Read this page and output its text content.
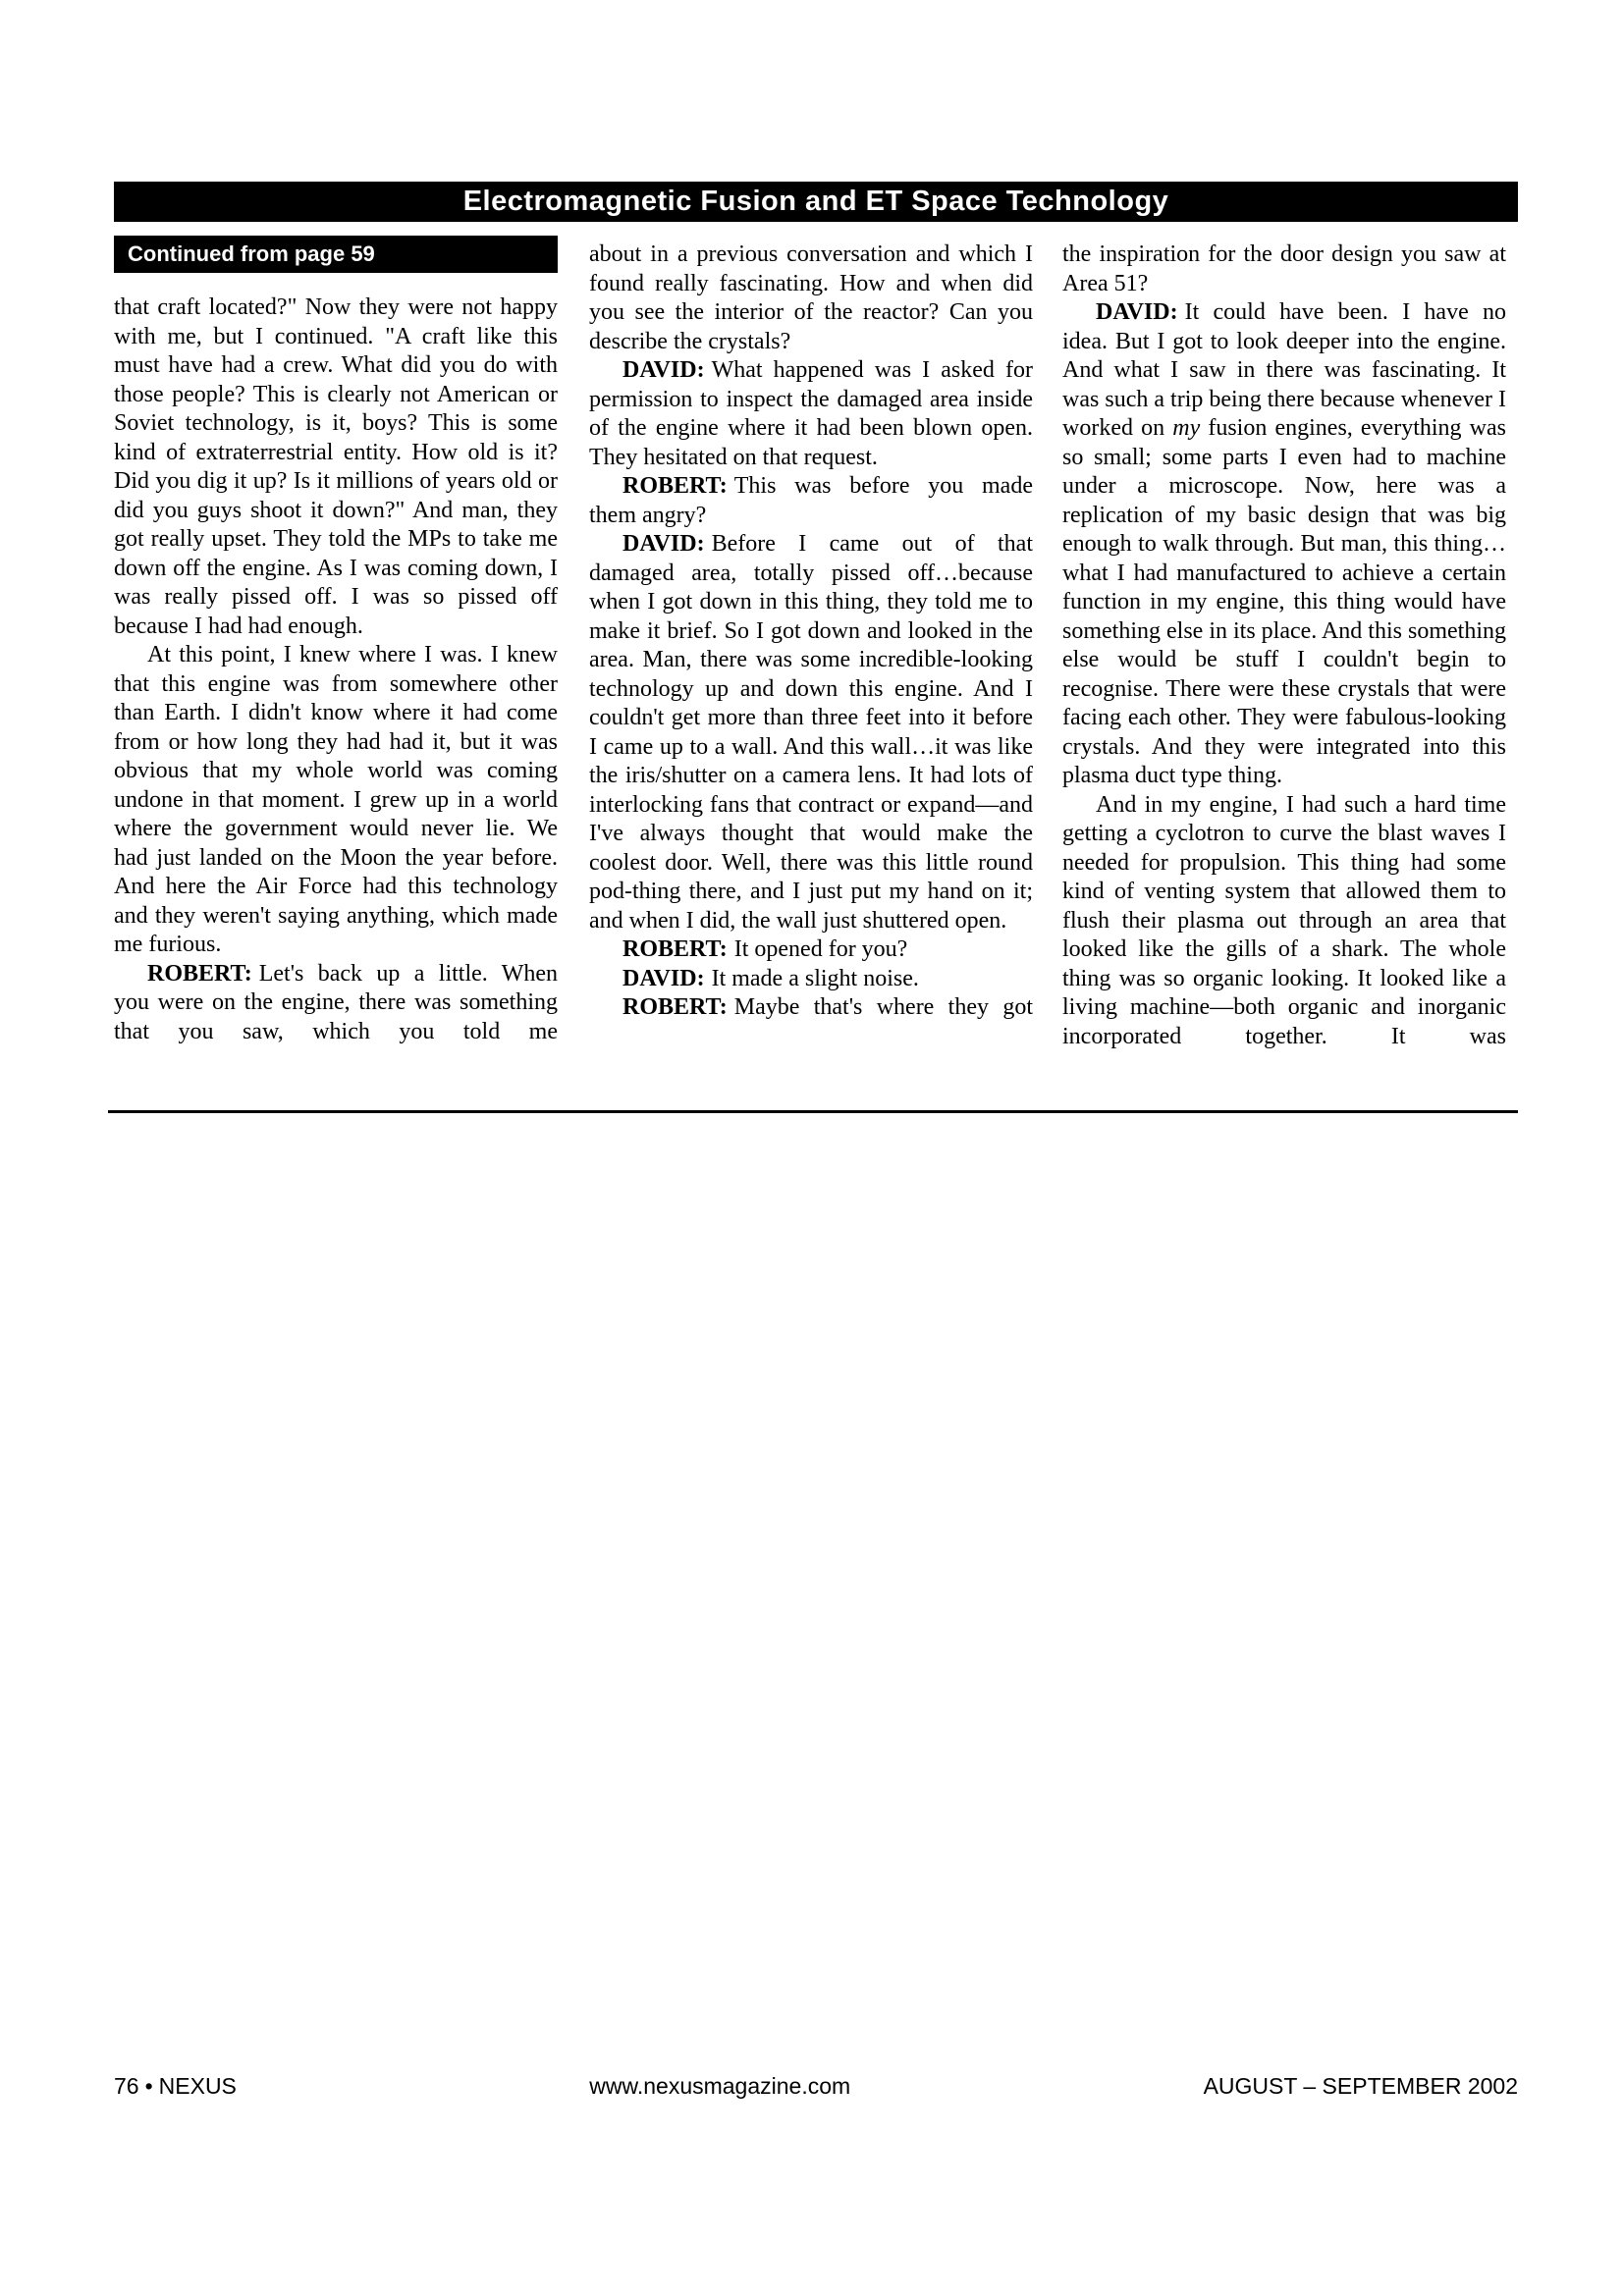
Electromagnetic Fusion and ET Space Technology
Continued from page 59

that craft located?" Now they were not happy with me, but I continued. "A craft like this must have had a crew. What did you do with those people? This is clearly not American or Soviet technology, is it, boys? This is some kind of extraterrestrial entity. How old is it? Did you dig it up? Is it millions of years old or did you guys shoot it down?" And man, they got really upset. They told the MPs to take me down off the engine. As I was coming down, I was really pissed off. I was so pissed off because I had had enough.

At this point, I knew where I was. I knew that this engine was from somewhere other than Earth. I didn't know where it had come from or how long they had had it, but it was obvious that my whole world was coming undone in that moment. I grew up in a world where the government would never lie. We had just landed on the Moon the year before. And here the Air Force had this technology and they weren't saying anything, which made me furious.

ROBERT: Let's back up a little. When you were on the engine, there was something that you saw, which you told me

about in a previous conversation and which I found really fascinating. How and when did you see the interior of the reactor? Can you describe the crystals?

DAVID: What happened was I asked for permission to inspect the damaged area inside of the engine where it had been blown open. They hesitated on that request.

ROBERT: This was before you made them angry?

DAVID: Before I came out of that damaged area, totally pissed off…because when I got down in this thing, they told me to make it brief. So I got down and looked in the area. Man, there was some incredible-looking technology up and down this engine. And I couldn't get more than three feet into it before I came up to a wall. And this wall…it was like the iris/shutter on a camera lens. It had lots of interlocking fans that contract or expand—and I've always thought that would make the coolest door. Well, there was this little round pod-thing there, and I just put my hand on it; and when I did, the wall just shuttered open.

ROBERT: It opened for you?

DAVID: It made a slight noise.

ROBERT: Maybe that's where they got

the inspiration for the door design you saw at Area 51?

DAVID: It could have been. I have no idea. But I got to look deeper into the engine. And what I saw in there was fascinating. It was such a trip being there because whenever I worked on my fusion engines, everything was so small; some parts I even had to machine under a microscope. Now, here was a replication of my basic design that was big enough to walk through. But man, this thing…what I had manufactured to achieve a certain function in my engine, this thing would have something else in its place. And this something else would be stuff I couldn't begin to recognise. There were these crystals that were facing each other. They were fabulous-looking crystals. And they were integrated into this plasma duct type thing.

And in my engine, I had such a hard time getting a cyclotron to curve the blast waves I needed for propulsion. This thing had some kind of venting system that allowed them to flush their plasma out through an area that looked like the gills of a shark. The whole thing was so organic looking. It looked like a living machine—both organic and inorganic incorporated together. It was

76 • NEXUS	www.nexusmagazine.com	AUGUST – SEPTEMBER 2002
